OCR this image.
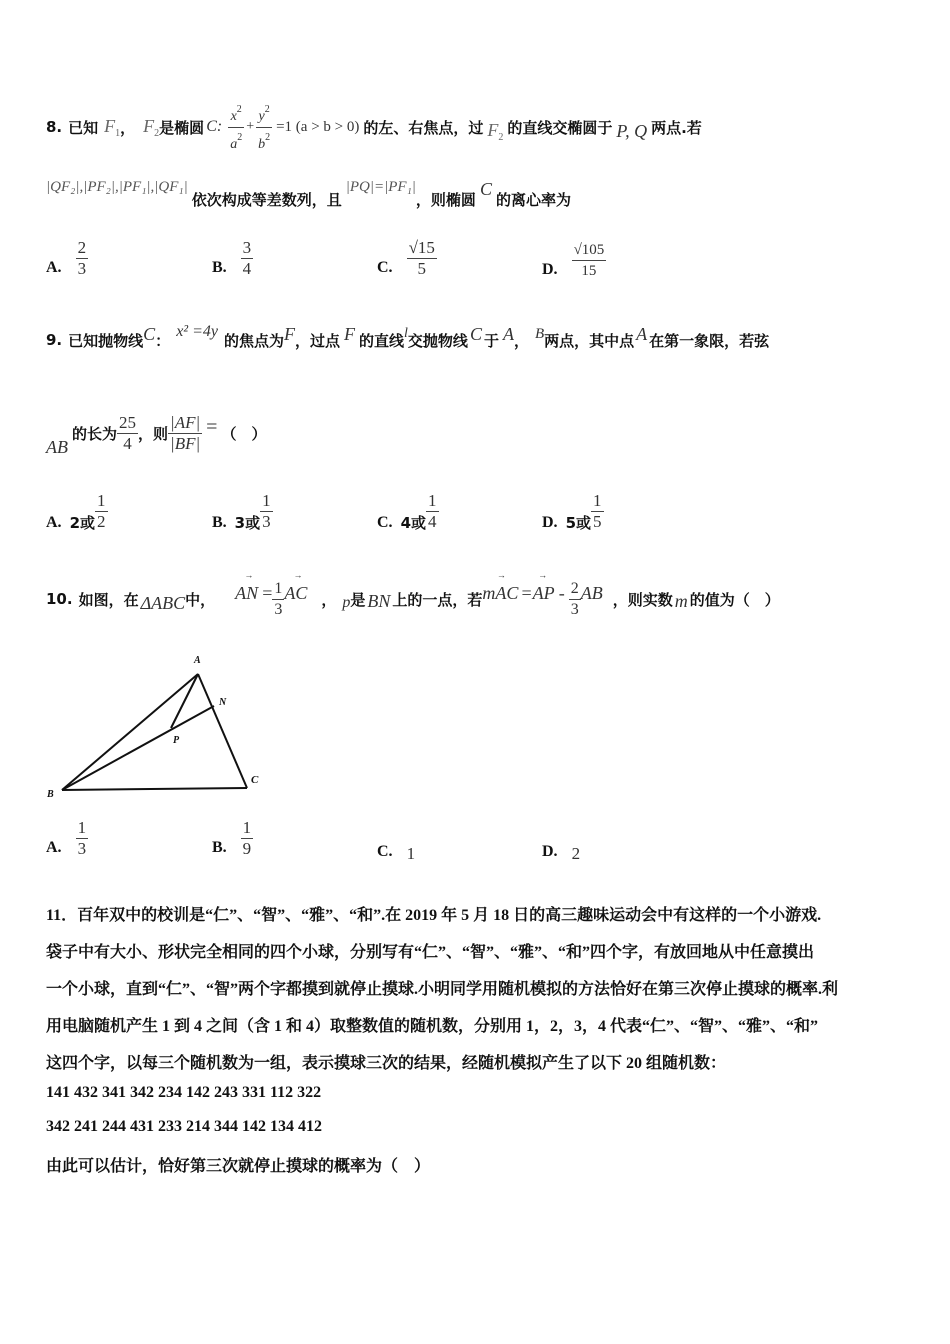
8. 已知 $F_1$ ， $F_2$ 是椭圆 C: $\frac{x^2}{a^2} + \frac{y^2}{b^2} =1$ (a > b > 0) 的左、右焦点，过 $F_2$
的直线交椭圆于 P, Q 两点.若
|QF₂|,|PF₂|,|PF₁|,|QF₁|
依次构成等差数列，且
|PQ|=|PF₁|
，则椭圆
C
的离心率为
A. $\frac{2}{3}$	B. $\frac{3}{4}$	C. $\frac{√15}{5}$	D. $\frac{√105}{15}$
9. 已知抛物线 C ： x² =4y 的焦点为 F ，过点 F 的直线 l 交抛物线 C 于 A ， B 两点，其中点 A 在第一象限，若弦
AB
的长为 $\frac{25}{4}$ ，则 $\frac{|AF|}{|BF|}$ = （　）
A. 2或 $\frac{1}{2}$	B. 3或 $\frac{1}{3}$	C. 4或 $\frac{1}{4}$	D. 5或 $\frac{1}{5}$
10. 如图，在 ΔABC 中， → AN = $\frac{1}{3}$ → AC ， p 是 BN 上的一点，若 → mAC → $=AP - \frac{2}{3}$ AB ，则实数 m 的值为（　）
A
N
P
C
B
A. $\frac{1}{3}$	B. $\frac{1}{9}$	C. 1	D. 2
11．百年双中的校训是“仁”、“智”、“雅”、“和”.在 2019 年 5 月 18 日的高三趣味运动会中有这样的一个小游戏.
袋子中有大小、形状完全相同的四个小球，分别写有“仁”、“智”、“雅”、“和”四个字，有放回地从中任意摸出
一个小球，直到“仁”、“智”两个字都摸到就停止摸球.小明同学用随机模拟的方法恰好在第三次停止摸球的概率.利
用电脑随机产生 1 到 4 之间（含 1 和 4）取整数值的随机数，分别用 1，2，3，4 代表“仁”、“智”、“雅”、“和”
这四个字，以每三个随机数为一组，表示摸球三次的结果，经随机模拟产生了以下 20 组随机数：
141 432 341 342 234 142 243 331 112 322
342 241 244 431 233 214 344 142 134 412
由此可以估计，恰好第三次就停止摸球的概率为（　）
